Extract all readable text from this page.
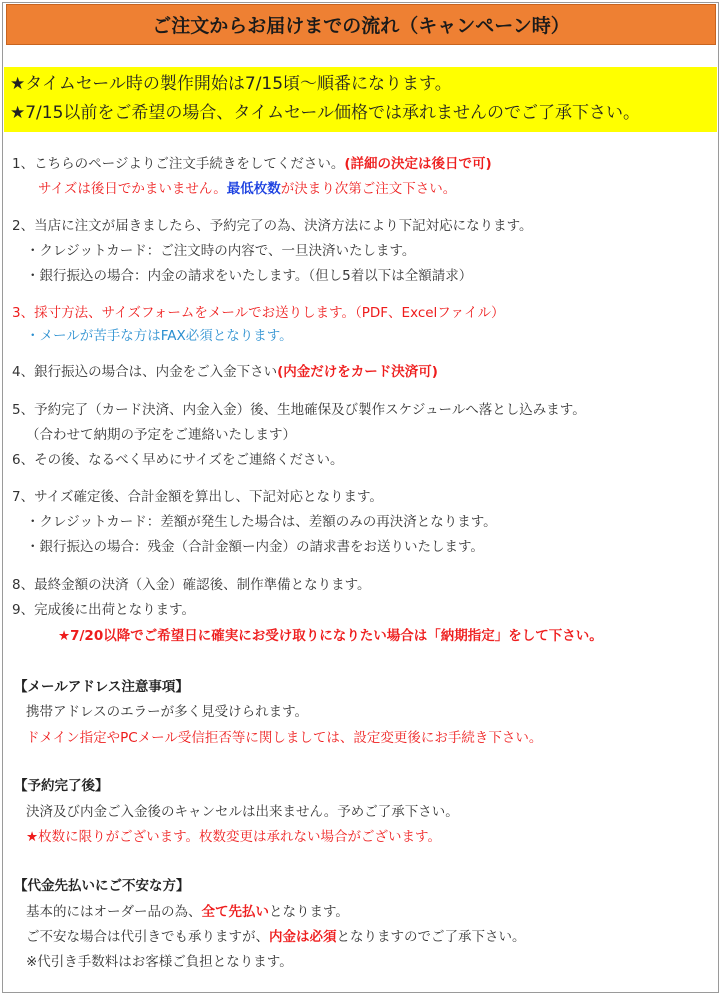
ご注文からお届けまでの流れ（キャンペーン時）
★タイムセール時の製作開始は7/15頃～順番になります。
★7/15以前をご希望の場合、タイムセール価格では承れませんのでご了承下さい。
1、こちらのページよりご注文手続きをしてください。(詳細の決定は後日で可)
サイズは後日でかまいません。最低枚数が決まり次第ご注文下さい。
2、当店に注文が届きましたら、予約完了の為、決済方法により下記対応になります。
・クレジットカード：ご注文時の内容で、一旦決済いたします。
・銀行振込の場合：内金の請求をいたします。（但し5着以下は全額請求）
3、採寸方法、サイズフォームをメールでお送りします。（PDF、Excelファイル）
・メールが苦手な方はFAX必須となります。
4、銀行振込の場合は、内金をご入金下さい(内金だけをカード決済可)
5、予約完了（カード決済、内金入金）後、生地確保及び製作スケジュールへ落とし込みます。
（合わせて納期の予定をご連絡いたします）
6、その後、なるべく早めにサイズをご連絡ください。
7、サイズ確定後、合計金額を算出し、下記対応となります。
・クレジットカード：差額が発生した場合は、差額のみの再決済となります。
・銀行振込の場合：残金（合計金額ー内金）の請求書をお送りいたします。
8、最終金額の決済（入金）確認後、制作準備となります。
9、完成後に出荷となります。
★7/20以降でご希望日に確実にお受け取りになりたい場合は「納期指定」をして下さい。
【メールアドレス注意事項】
携帯アドレスのエラーが多く見受けられます。
ドメイン指定やPCメール受信拒否等に関しましては、設定変更後にお手続き下さい。
【予約完了後】
決済及び内金ご入金後のキャンセルは出来ません。予めご了承下さい。
★枚数に限りがございます。枚数変更は承れない場合がございます。
【代金先払いにご不安な方】
基本的にはオーダー品の為、全て先払いとなります。
ご不安な場合は代引きでも承りますが、内金は必須となりますのでご了承下さい。
※代引き手数料はお客様ご負担となります。
